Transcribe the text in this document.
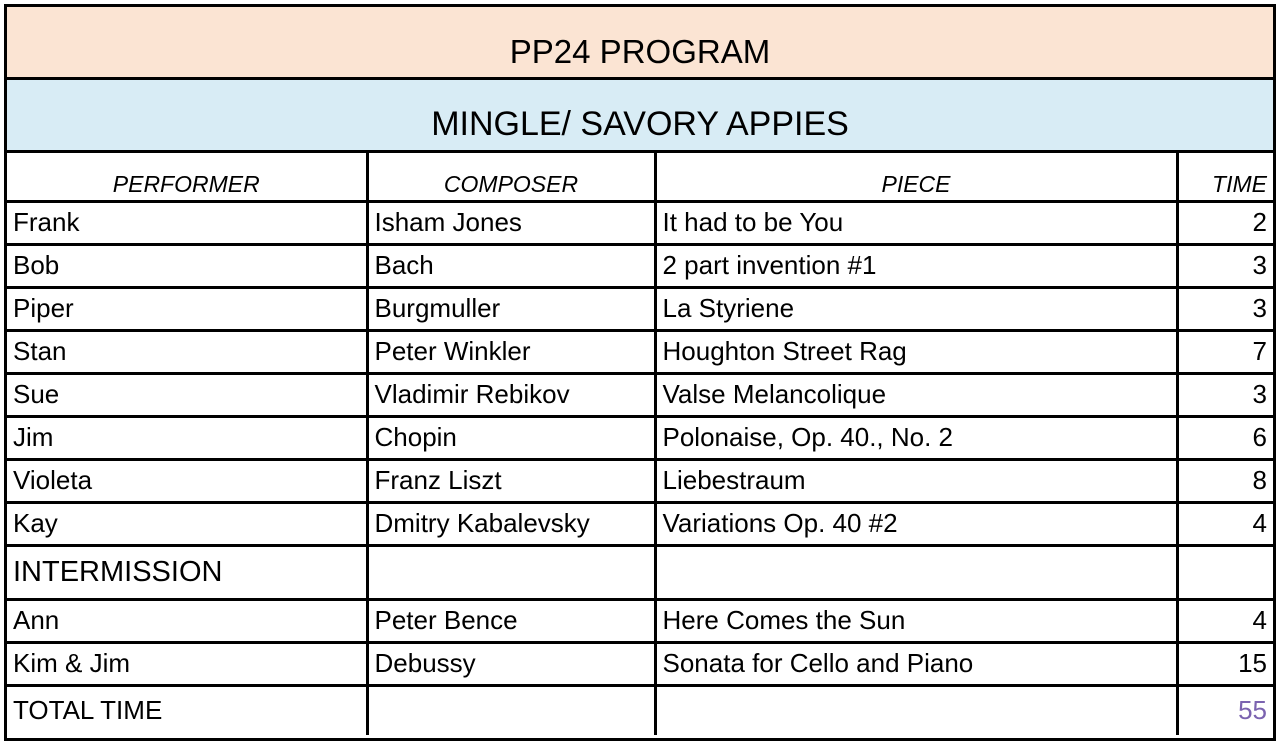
PP24 PROGRAM
MINGLE/ SAVORY APPIES
PERFORMER	COMPOSER	PIECE	TIME
Frank	Isham Jones	It had to be You	2
Bob	Bach	2 part invention #1	3
Piper	Burgmuller	La Styriene	3
Stan	Peter Winkler	Houghton Street Rag	7
Sue	Vladimir Rebikov	Valse Melancolique	3
Jim	Chopin	Polonaise, Op. 40., No. 2	6
Violeta	Franz Liszt	Liebestraum	8
Kay	Dmitry Kabalevsky	Variations Op. 40 #2	4
INTERMISSION			
Ann	Peter Bence	Here Comes the Sun	4
Kim & Jim	Debussy	Sonata for Cello and Piano	15
TOTAL TIME			55
